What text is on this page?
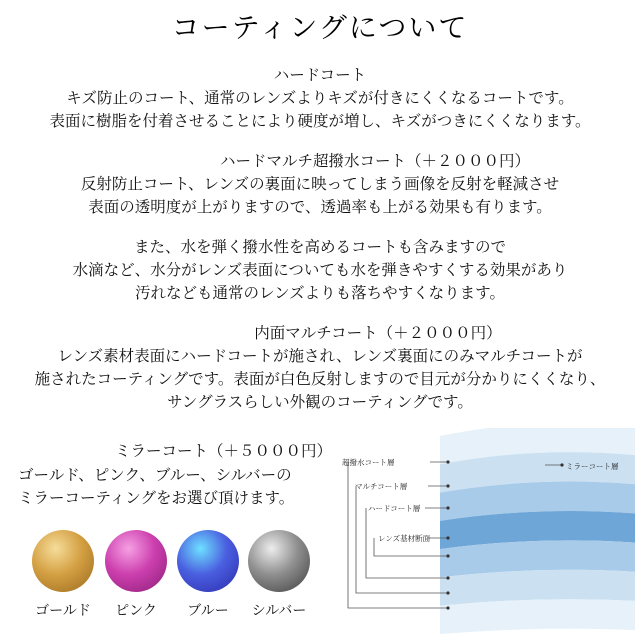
コーティングについて
ハードコート
キズ防止のコート、通常のレンズよりキズが付きにくくなるコートです。
表面に樹脂を付着させることにより硬度が増し、キズがつきにくくなります。
ハードマルチ超撥水コート（＋２０００円）
反射防止コート、レンズの裏面に映ってしまう画像を反射を軽減させ
表面の透明度が上がりますので、透過率も上がる効果も有ります。
また、水を弾く撥水性を高めるコートも含みますので
水滴など、水分がレンズ表面についても水を弾きやすくする効果があり
汚れなども通常のレンズよりも落ちやすくなります。
内面マルチコート（＋２０００円）
レンズ素材表面にハードコートが施され、レンズ裏面にのみマルチコートが
施されたコーティングです。表面が白色反射しますので目元が分かりにくくなり、
サングラスらしい外観のコーティングです。
ミラーコート（＋５０００円）
ゴールド、ピンク、ブルー、シルバーの
ミラーコーティングをお選び頂けます。
ゴールド	ピンク	ブルー	シルバー
超撥水コート層
マルチコート層
ハードコート層
レンズ基材断面
ミラーコート層
